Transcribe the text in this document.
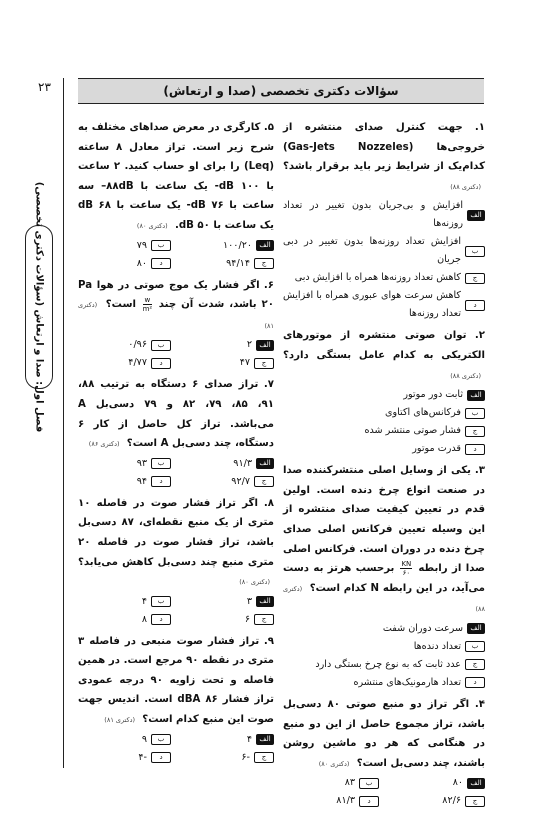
۲۳
فصل اول: صدا و ارتعاش (سؤالات دکتری تخصصی)
سؤالات دکتری تخصصی (صدا و ارتعاش)
۱. جهت کنترل صدای منتشره از خروجی‌ها (Gas-Jets Nozzeles) کدام‌یک از شرایط زیر باید برقرار باشد؟ (دکتری ۸۸)
الف
افزایش و بی‌جریان بدون تغییر در تعداد روزنه‌ها
ب
افزایش تعداد روزنه‌ها بدون تغییر در دبی جریان
ج
کاهش تعداد روزنه‌ها همراه با افزایش دبی
د
کاهش سرعت هوای عبوری همراه با افزایش تعداد روزنه‌ها
۲. توان صوتی منتشره از موتورهای الکتریکی به کدام عامل بستگی دارد؟ (دکتری ۸۸)
الف
ثابت دور موتور
ب
فرکانس‌های اکتاوی
ج
فشار صوتی منتشر شده
د
قدرت موتور
۳. یکی از وسایل اصلی منتشرکننده صدا در صنعت انواع چرخ دنده است. اولین قدم در تعیین کیفیت صدای منتشره از این وسیله تعیین فرکانس اصلی صدای چرخ دنده در دوران است. فرکانس اصلی صدا از رابطه
$\frac{KN}{۶۰}$
برحسب هرتز به دست می‌آید، در این رابطه N کدام است؟ (دکتری ۸۸)
الف
سرعت دوران شفت
ب
تعداد دنده‌ها
ج
عدد ثابت که به نوع چرخ بستگی دارد
د
تعداد هارمونیک‌های منتشره
۴. اگر تراز دو منبع صوتی ۸۰ دسی‌بل باشد، تراز مجموع حاصل از این دو منبع در هنگامی که هر دو ماشین روشن باشند، چند دسی‌بل است؟ (دکتری ۸۰)
الف
۸۰
ب
۸۳
ج
۸۲/۶
د
۸۱/۳
۵. کارگری در معرض صداهای مختلف به شرح زیر است. تراز معادل ۸ ساعته (Leq) را برای او حساب کنید. ۲ ساعت با ۱۰۰ dB- یک ساعت با ۸۸dB– سه ساعت با ۷۶ dB- یک ساعت با dB ۶۸ یک ساعت با ۵۰ dB. (دکتری ۸۰)
الف
۱۰۰/۲۰
ب
۷۹
ج
۹۴/۱۴
د
۸۰
۶. اگر فشار یک موج صوتی در هوا Pa ۲۰ باشد، شدت آن چند
$\frac{w}{\text{m²}}$
است؟ (دکتری ۸۱)
الف
۲
ب
۰/۹۶
ج
۴۷
د
۴/۷۷
۷. تراز صدای ۶ دستگاه به ترتیب ۸۸، ۹۱، ۸۵، ۷۹، ۸۲ و ۷۹ دسی‌بل A می‌باشد. تراز کل حاصل از کار ۶ دستگاه، چند دسی‌بل A است؟ (دکتری ۸۶)
الف
۹۱/۳
ب
۹۳
ج
۹۲/۷
د
۹۴
۸. اگر تراز فشار صوت در فاصله ۱۰ متری از یک منبع نقطه‌ای، ۸۷ دسی‌بل باشد، تراز فشار صوت در فاصله ۲۰ متری منبع چند دسی‌بل کاهش می‌یابد؟ (دکتری ۸۰)
الف
۳
ب
۴
ج
۶
د
۸
۹. تراز فشار صوت منبعی در فاصله ۳ متری در نقطه ۹۰ مرجع است. در همین فاصله و تحت زاویه ۹۰ درجه عمودی تراز فشار dBA ۸۶ است. اندیس جهت صوت این منبع کدام است؟ (دکتری ۸۱)
الف
۴
ب
۹
ج
-۶
د
-۴
